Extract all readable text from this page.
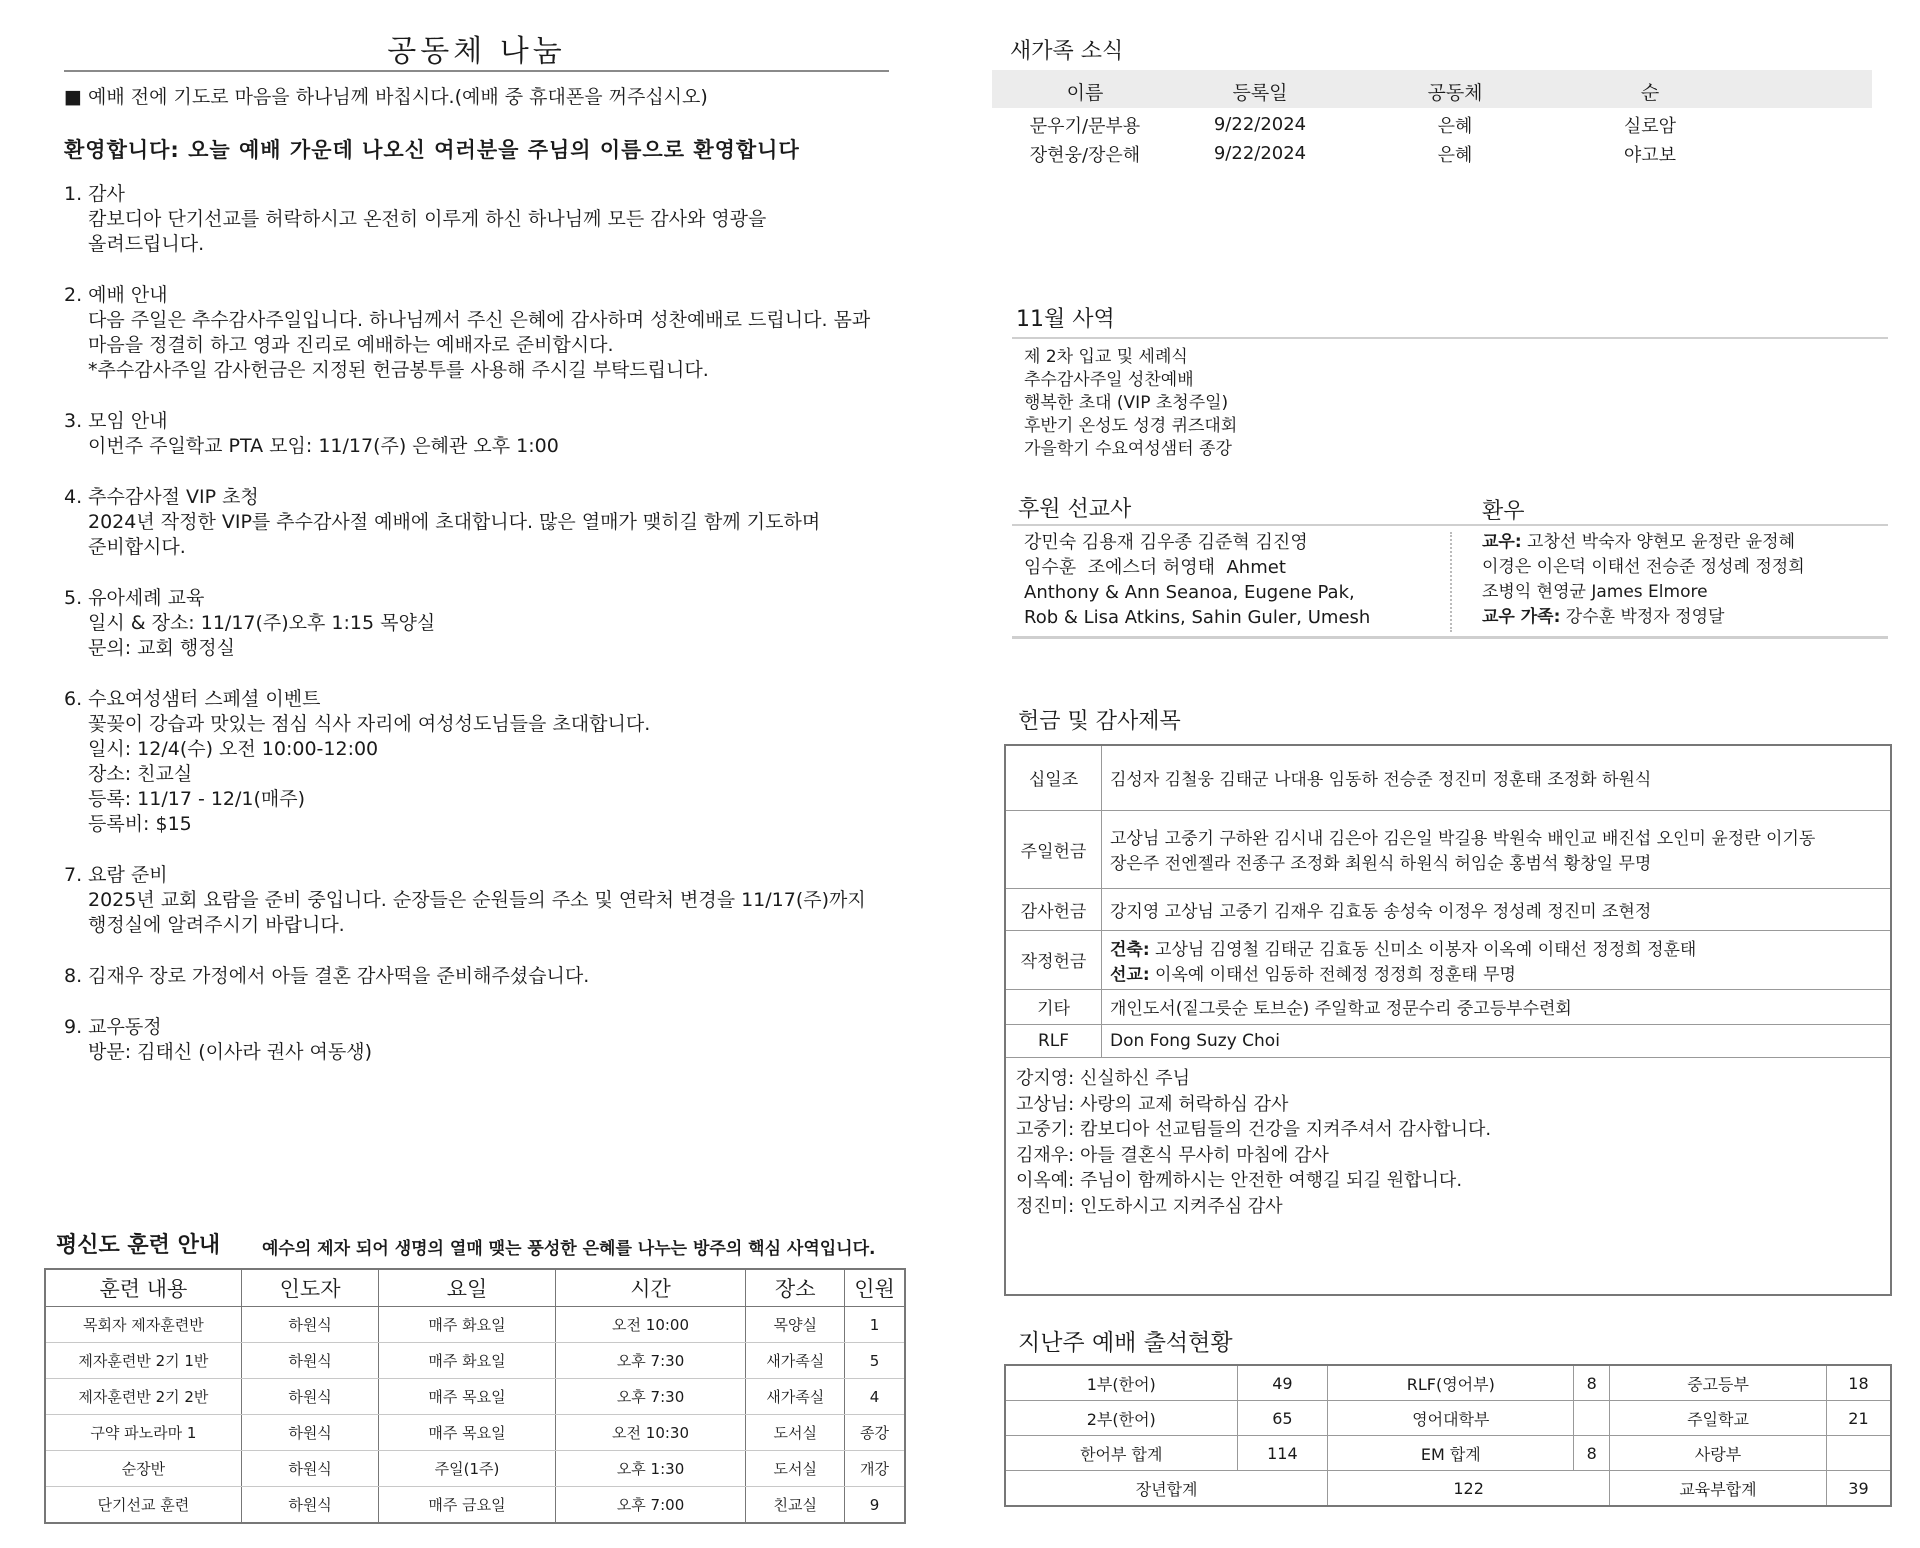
공동체 나눔
■ 예배 전에 기도로 마음을 하나님께 바칩시다.(예배 중 휴대폰을 꺼주십시오)
환영합니다: 오늘 예배 가운데 나오신 여러분을 주님의 이름으로 환영합니다
1. 감사
캄보디아 단기선교를 허락하시고 온전히 이루게 하신 하나님께 모든 감사와 영광을
올려드립니다.
2. 예배 안내
다음 주일은 추수감사주일입니다. 하나님께서 주신 은혜에 감사하며 성찬예배로 드립니다. 몸과
마음을 정결히 하고 영과 진리로 예배하는 예배자로 준비합시다.
*추수감사주일 감사헌금은 지정된 헌금봉투를 사용해 주시길 부탁드립니다.
3. 모임 안내
이번주 주일학교 PTA 모임: 11/17(주) 은혜관 오후 1:00
4. 추수감사절 VIP 초청
2024년 작정한 VIP를 추수감사절 예배에 초대합니다. 많은 열매가 맺히길 함께 기도하며
준비합시다.
5. 유아세례 교육
일시 & 장소: 11/17(주)오후 1:15 목양실
문의: 교회 행정실
6. 수요여성샘터 스페셜 이벤트
꽃꽂이 강습과 맛있는 점심 식사 자리에 여성성도님들을 초대합니다.
일시: 12/4(수) 오전 10:00-12:00
장소: 친교실
등록: 11/17 - 12/1(매주)
등록비: $15
7. 요람 준비
2025년 교회 요람을 준비 중입니다. 순장들은 순원들의 주소 및 연락처 변경을 11/17(주)까지
행정실에 알려주시기 바랍니다.
8. 김재우 장로 가정에서 아들 결혼 감사떡을 준비해주셨습니다.
9. 교우동정
방문: 김태신 (이사라 권사 여동생)
평신도 훈련 안내 예수의 제자 되어 생명의 열매 맺는 풍성한 은혜를 나누는 방주의 핵심 사역입니다.
훈련 내용	인도자	요일	시간	장소	인원
목회자 제자훈련반	하원식	매주 화요일	오전 10:00	목양실	1
제자훈련반 2기 1반	하원식	매주 화요일	오후 7:30	새가족실	5
제자훈련반 2기 2반	하원식	매주 목요일	오후 7:30	새가족실	4
구약 파노라마 1	하원식	매주 목요일	오전 10:30	도서실	종강
순장반	하원식	주일(1주)	오후 1:30	도서실	개강
단기선교 훈련	하원식	매주 금요일	오후 7:00	친교실	9
새가족 소식
이름	등록일	공동체	순
문우기/문부용	9/22/2024	은혜	실로암
장현웅/장은해	9/22/2024	은혜	야고보
11월 사역
제 2차 입교 및 세례식
추수감사주일 성찬예배
행복한 초대 (VIP 초청주일)
후반기 온성도 성경 퀴즈대회
가을학기 수요여성샘터 종강
후원 선교사	환우
강민숙 김용재 김우종 김준혁 김진영
임수훈  조에스더 허영태  Ahmet
Anthony & Ann Seanoa, Eugene Pak,
Rob & Lisa Atkins, Sahin Guler, Umesh
교우: 고창선 박숙자 양현모 윤정란 윤정혜
이경은 이은덕 이태선 전승준 정성례 정정희
조병익 현영균 James Elmore
교우 가족: 강수훈 박정자 정영달
헌금 및 감사제목
십일조	김성자 김철웅 김태군 나대용 임동하 전승준 정진미 정훈태 조정화 하원식
주일헌금	고상님 고중기 구하완 김시내 김은아 김은일 박길용 박원숙 배인교 배진섭 오인미 윤정란 이기동
장은주 전엔젤라 전종구 조정화 최원식 하원식 허임순 홍범석 황창일 무명

감사헌금	강지영 고상님 고중기 김재우 김효동 송성숙 이정우 정성례 정진미 조현정
작정헌금	건축: 고상님 김영철 김태군 김효동 신미소 이봉자 이옥예 이태선 정정희 정훈태
선교: 이옥예 이태선 임동하 전혜정 정정희 정훈태 무명

기타	개인도서(짙그릇순 토브순) 주일학교 정문수리 중고등부수련회
RLF	Don Fong Suzy Choi
강지영: 신실하신 주님
고상님: 사랑의 교제 허락하심 감사
고중기: 캄보디아 선교팀들의 건강을 지켜주셔서 감사합니다.
김재우: 아들 결혼식 무사히 마침에 감사
이옥예: 주님이 함께하시는 안전한 여행길 되길 원합니다.
정진미: 인도하시고 지켜주심 감사
지난주 예배 출석현황
1부(한어)	49	RLF(영어부)	8	중고등부	18
2부(한어)	65	영어대학부		주일학교	21
한어부 합계	114	EM 합계	8	사랑부	
장년합계		122		교육부합계	39
